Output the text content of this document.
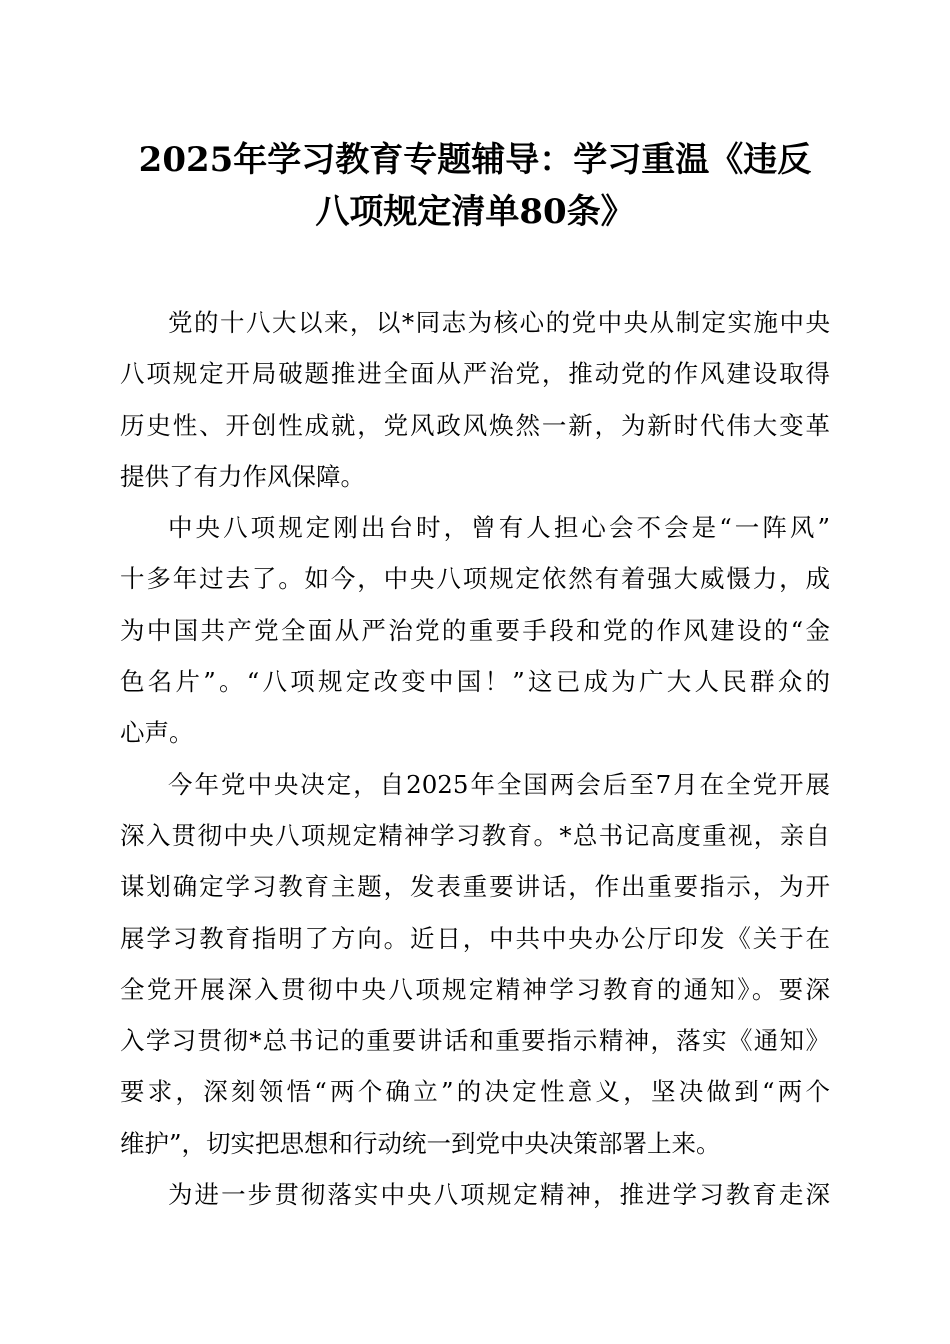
2025年学习教育专题辅导：学习重温《违反
八项规定清单80条》
党的十八大以来，以*同志为核心的党中央从制定实施中央
八项规定开局破题推进全面从严治党，推动党的作风建设取得
历史性、开创性成就，党风政风焕然一新，为新时代伟大变革
提供了有力作风保障。
中央八项规定刚出台时，曾有人担心会不会是“一阵风”
十多年过去了。如今，中央八项规定依然有着强大威慑力，成
为中国共产党全面从严治党的重要手段和党的作风建设的“金
色名片”。“八项规定改变中国！”这已成为广大人民群众的
心声。
今年党中央决定，自2025年全国两会后至7月在全党开展
深入贯彻中央八项规定精神学习教育。*总书记高度重视，亲自
谋划确定学习教育主题，发表重要讲话，作出重要指示，为开
展学习教育指明了方向。近日，中共中央办公厅印发《关于在
全党开展深入贯彻中央八项规定精神学习教育的通知》。要深
入学习贯彻*总书记的重要讲话和重要指示精神，落实《通知》
要求，深刻领悟“两个确立”的决定性意义，坚决做到“两个
维护”，切实把思想和行动统一到党中央决策部署上来。
为进一步贯彻落实中央八项规定精神，推进学习教育走深
